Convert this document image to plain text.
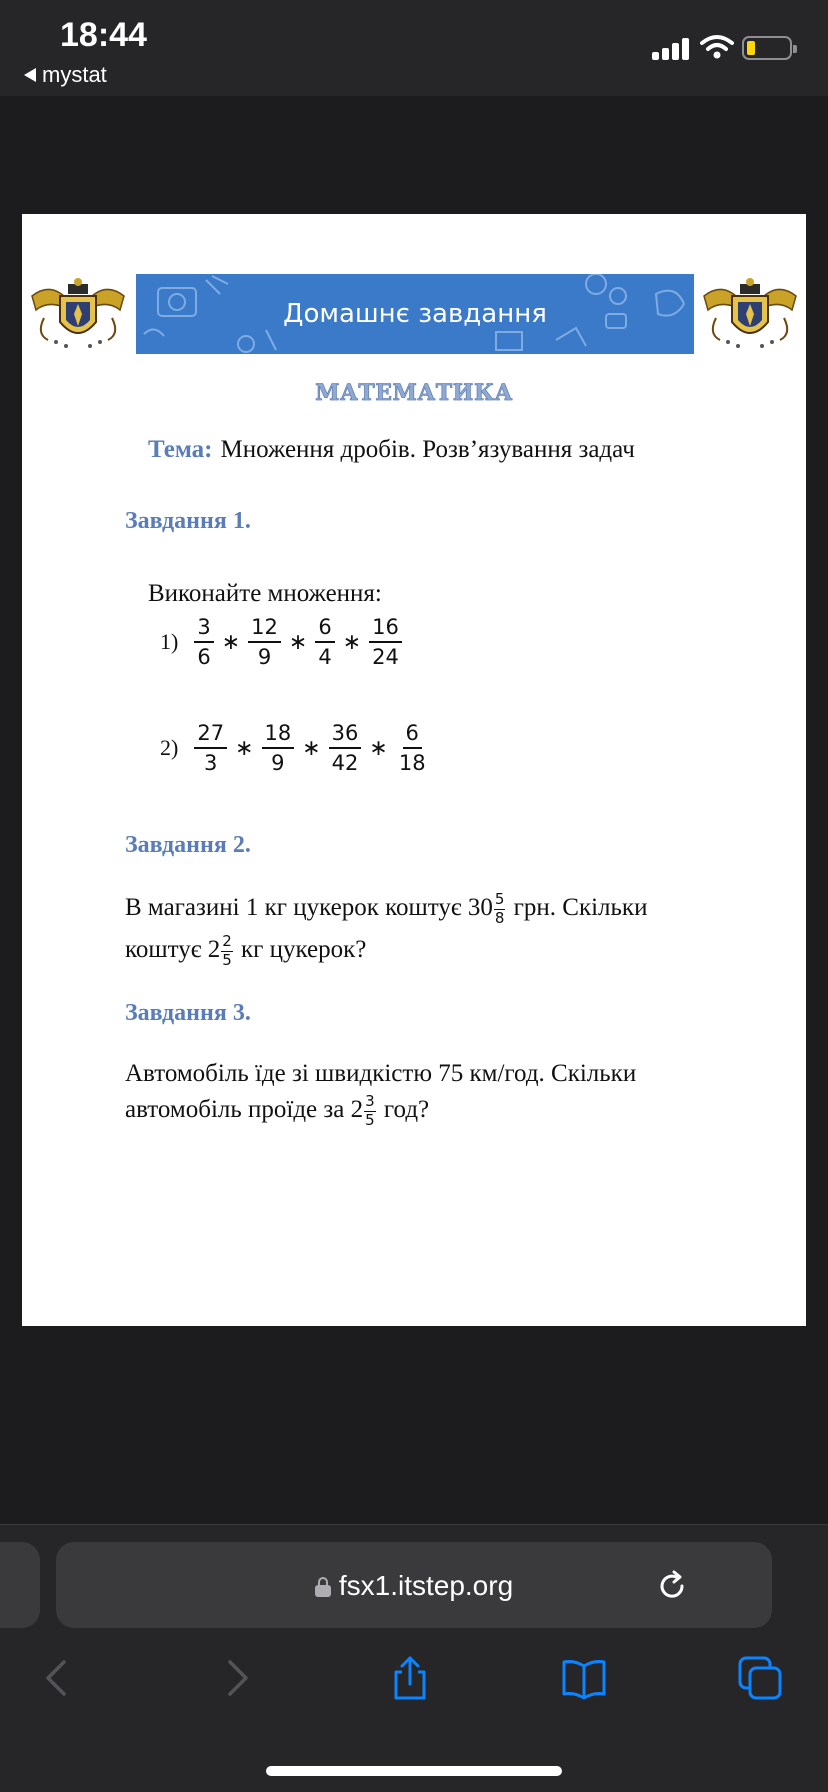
18:44
mystat
Домашнє завдання
МАТЕМАТИКА
Тема: Множення дробів. Розв’язування задач
Завдання 1.
Виконайте множення:
$1) \frac{3}{6}$ ∗ $\frac{12}{9}$ ∗ $\frac{6}{4}$ ∗ $\frac{16}{24}$
$2) \frac{27}{3}$ ∗ $\frac{18}{9}$ ∗ $\frac{36}{42}$ ∗ $\frac{6}{18}$
Завдання 2.
В магазині 1 кг цукерок коштує $30 \frac{5}{8}$ грн. Скільки
коштує $2 \frac{2}{5}$ кг цукерок?
Завдання 3.
Автомобіль їде зі швидкістю 75 км/год. Скільки
автомобіль проїде за $2 \frac{3}{5}$ год?
fsx1.itstep.org
